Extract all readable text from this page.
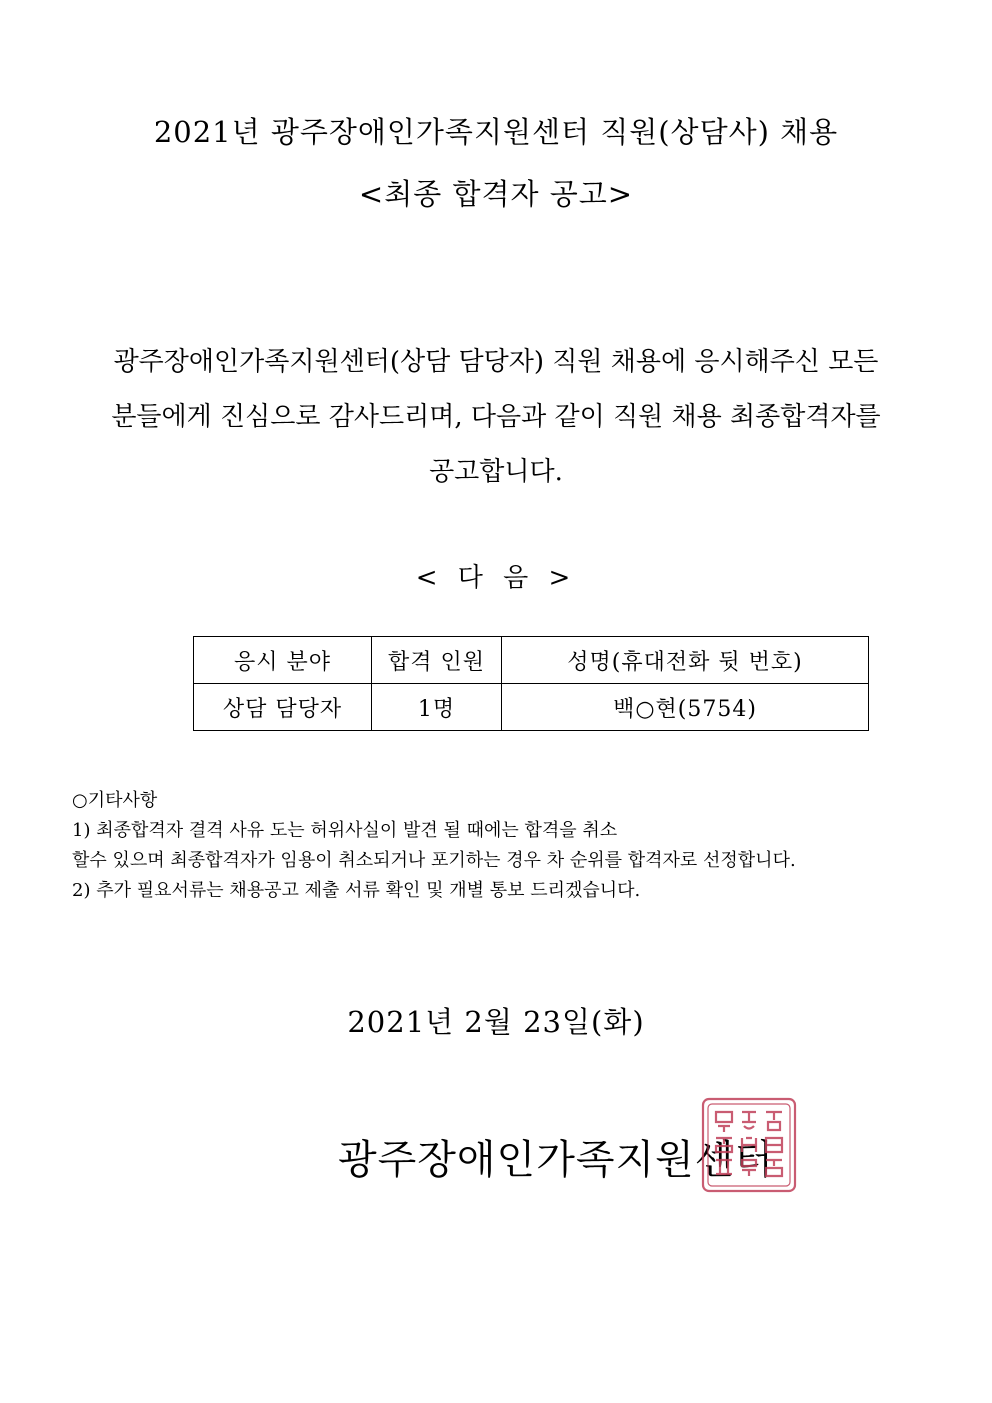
2021년 광주장애인가족지원센터 직원(상담사) 채용
<최종 합격자 공고>
광주장애인가족지원센터(상담 담당자) 직원 채용에 응시해주신 모든
분들에게 진심으로 감사드리며, 다음과 같이 직원 채용 최종합격자를
공고합니다.
< 다 음 >
응시 분야	합격 인원	성명(휴대전화 뒷 번호)
상담 담당자	1명	백○현(5754)
○기타사항
1) 최종합격자 결격 사유 도는 허위사실이 발견 될 때에는 합격을 취소
할수 있으며 최종합격자가 임용이 취소되거나 포기하는 경우 차 순위를 합격자로 선정합니다.
2) 추가 필요서류는 채용공고 제출 서류 확인 및 개별 통보 드리겠습니다.
2021년 2월 23일(화)
광주장애인가족지원센터
